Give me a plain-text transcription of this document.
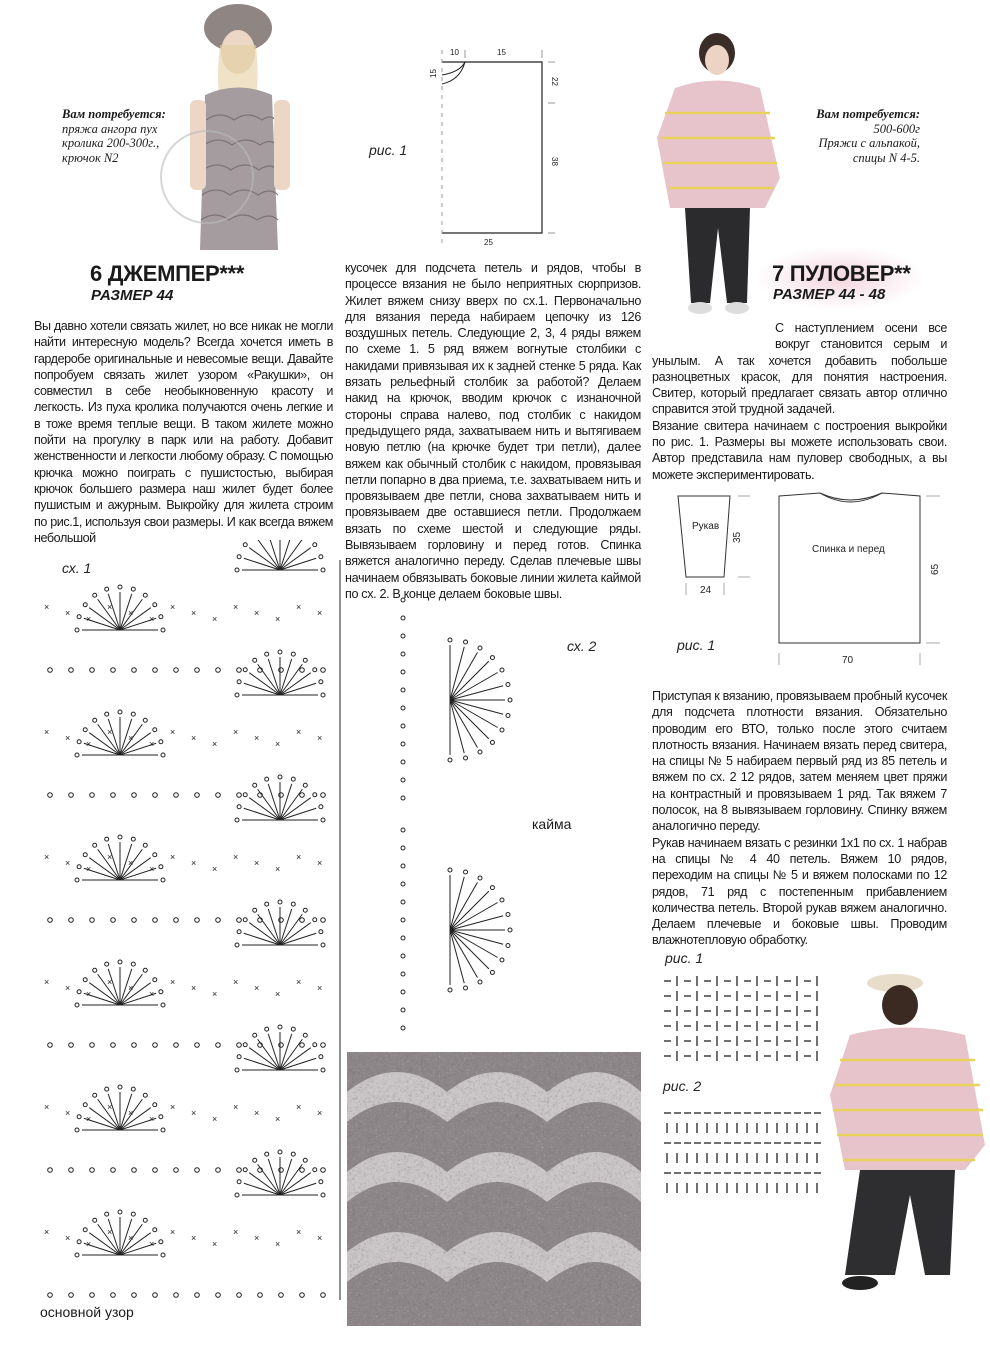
Вам потребуется:
пряжа ангора пух
кролика 200-300г.,
крючок N2
6 ДЖЕМПЕР***
РАЗМЕР 44

Вы давно хотели связать жилет, но все никак не могли найти интересную модель? Всегда хочется иметь в гардеробе оригинальные и невесомые вещи. Давайте попробуем связать жилет узором «Ракушки», он совместил в себе необыкновенную красоту и легкость. Из пуха кролика получаются очень легкие и в тоже время теплые вещи. В таком жилете можно пойти на прогулку в парк или на работу. Добавит женственности и легкости любому образу. С помощью крючка можно поиграть с пушистостью, выбирая крючок большего размера наш жилет будет более пушистым и ажурным. Выкройку для жилета строим по рис.1, используя свои размеры. И как всегда вяжем небольшой

10	15
15
22
38
25
рис. 1

кусочек для подсчета петель и рядов, чтобы в процессе вязания не было неприятных сюрпризов. Жилет вяжем снизу вверх по сх.1. Первоначально для вязания переда набираем цепочку из 126 воздушных петель. Следующие 2, 3, 4 ряды вяжем по схеме 1. 5 ряд вяжем вогнутые столбики с накидами привязывая их к задней стенке 5 ряда. Как вязать рельефный столбик за работой? Делаем накид на крючок, вводим крючок с изнаночной стороны справа налево, под столбик с накидом предыдущего ряда, захватываем нить и вытягиваем новую петлю (на крючке будет три петли), далее вяжем как обычный столбик с накидом, провязывая петли попарно в два приема, т.е. захватываем нить и провязываем две петли, снова захватываем нить и провязываем две оставшиеся петли. Продолжаем вязать по схеме шестой и следующие ряды. Вывязываем горловину и перед готов. Спинка вяжется аналогично переду. Сделав плечевые швы начинаем обвязывать боковые линии жилета каймой по сх. 2. В конце делаем боковые швы.

сх. 1
×
×
×
×
×
×
×
×
×
×
×
×
×
×
×
×
×
×
×
×
×
×
×
×
×
×
×
×
×
×
×
×
×
×
×
×
×
×
×
×
×
×
×
×
×
×
×
×
×
×
×
×
×
×
×
×
×
×
×
×
×
×
×
×
×
×
×
×
×
×
×
×
×
×
×
×
×
×
×
×
×
×
×
×
основной узор
сх. 2
кайма
Вам потребуется:
500-600г
Пряжи с альпакой,
спицы N 4-5.
7 ПУЛОВЕР**
РАЗМЕР 44 - 48

С наступлением осени все вокруг становится серым и унылым. А так хочется добавить побольше разноцветных красок, для понятия настроения. Свитер, который предлагает связать автор отлично справится этой трудной задачей.

Вязание свитера начинаем с построения выкройки по рис. 1. Размеры вы можете использовать свои. Автор представила нам пуловер свободных, а вы можете экспериментировать.

Рукав
35
24
Спинка и перед
65
70
рис. 1

Приступая к вязанию, провязываем пробный кусочек для подсчета плотности вязания. Обязательно проводим его ВТО, только после этого считаем плотность вязания. Начинаем вязать перед свитера, на спицы № 5 набираем первый ряд из 85 петель и вяжем по сх. 2 12 рядов, затем меняем цвет пряжи на контрастный и провязываем 1 ряд. Так вяжем 7 полосок, на 8 вывязываем горловину. Спинку вяжем аналогично переду.

Рукав начинаем вязать с резинки 1х1 по сх. 1 набрав на спицы № 4 40 петель. Вяжем 10 рядов, переходим на спицы № 5 и вяжем полосками по 12 рядов, 71 ряд с постепенным прибавлением количества петель. Второй рукав вяжем аналогично. Делаем плечевые и боковые швы. Проводим влажнотепловую обработку.

рис. 1
рис. 2
